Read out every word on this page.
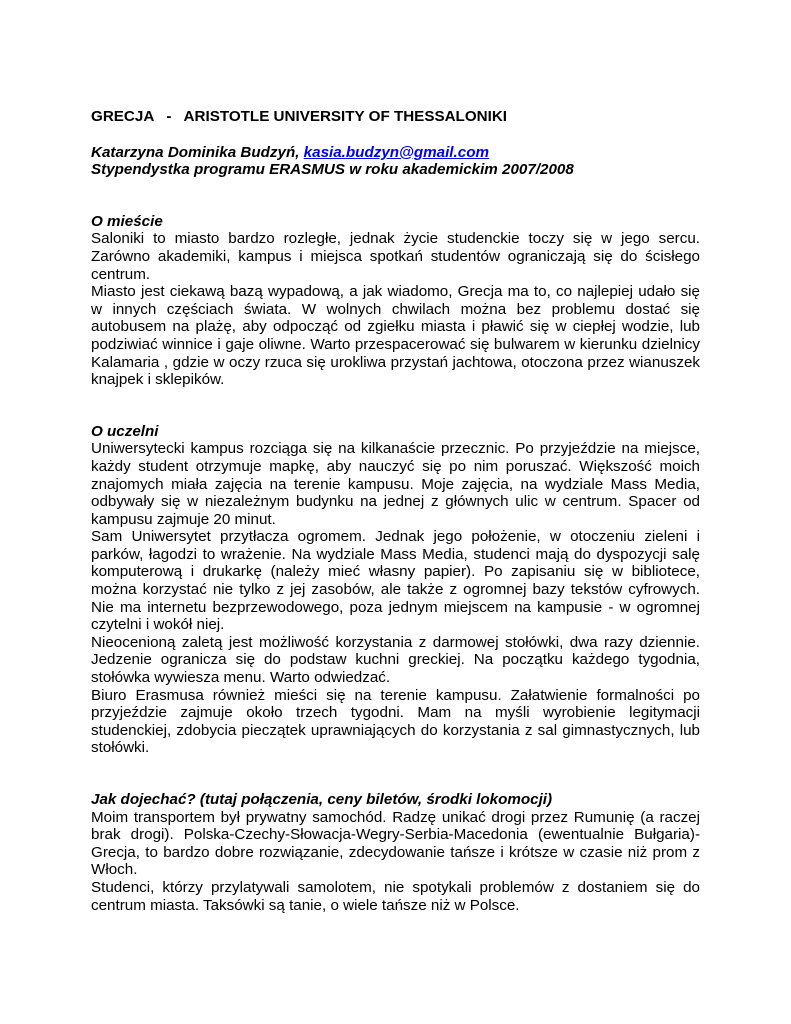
GRECJA   -   ARISTOTLE UNIVERSITY OF THESSALONIKI

Katarzyna Dominika Budzyń, kasia.budzyn@gmail.com

Stypendystka programu ERASMUS w roku akademickim 2007/2008

O mieście

Saloniki to miasto bardzo rozległe, jednak życie studenckie toczy się w jego sercu. Zarówno akademiki, kampus i miejsca spotkań studentów ograniczają się do ścisłego centrum.

Miasto jest ciekawą bazą wypadową, a jak wiadomo, Grecja ma to, co najlepiej udało się w innych częściach świata. W wolnych chwilach można bez problemu dostać się autobusem na plażę, aby odpocząć od zgiełku miasta i pławić się w ciepłej wodzie, lub podziwiać winnice i gaje oliwne. Warto przespacerować się bulwarem w kierunku dzielnicy Kalamaria , gdzie w oczy rzuca się urokliwa przystań jachtowa, otoczona przez wianuszek knajpek i sklepików.

O uczelni

Uniwersytecki kampus rozciąga się na kilkanaście przecznic. Po przyjeździe na miejsce, każdy student otrzymuje mapkę, aby nauczyć się po nim poruszać. Większość moich znajomych miała zajęcia na terenie kampusu. Moje zajęcia, na wydziale Mass Media, odbywały się w niezależnym budynku na jednej z głównych ulic w centrum. Spacer od kampusu zajmuje 20 minut.

Sam Uniwersytet przytłacza ogromem. Jednak jego położenie, w otoczeniu zieleni i parków, łagodzi to wrażenie. Na wydziale Mass Media, studenci mają do dyspozycji salę komputerową i drukarkę (należy mieć własny papier). Po zapisaniu się w bibliotece, można korzystać nie tylko z jej zasobów, ale także z ogromnej bazy tekstów cyfrowych. Nie ma internetu bezprzewodowego, poza jednym miejscem na kampusie - w ogromnej czytelni i wokół niej.

Nieocenioną zaletą jest możliwość korzystania z darmowej stołówki, dwa razy dziennie. Jedzenie ogranicza się do podstaw kuchni greckiej. Na początku każdego tygodnia, stołówka wywiesza menu. Warto odwiedzać.

Biuro Erasmusa również mieści się na terenie kampusu. Załatwienie formalności po przyjeździe zajmuje około trzech tygodni. Mam na myśli wyrobienie legitymacji studenckiej, zdobycia pieczątek uprawniających do korzystania z sal gimnastycznych, lub stołówki.

Jak dojechać? (tutaj połączenia, ceny biletów, środki lokomocji)

Moim transportem był prywatny samochód. Radzę unikać drogi przez Rumunię (a raczej brak drogi). Polska-Czechy-Słowacja-Wegry-Serbia-Macedonia (ewentualnie Bułgaria)-Grecja, to bardzo dobre rozwiązanie, zdecydowanie tańsze i krótsze w czasie niż prom z Włoch.

Studenci, którzy przylatywali samolotem, nie spotykali problemów z dostaniem się do centrum miasta. Taksówki są tanie, o wiele tańsze niż w Polsce.
